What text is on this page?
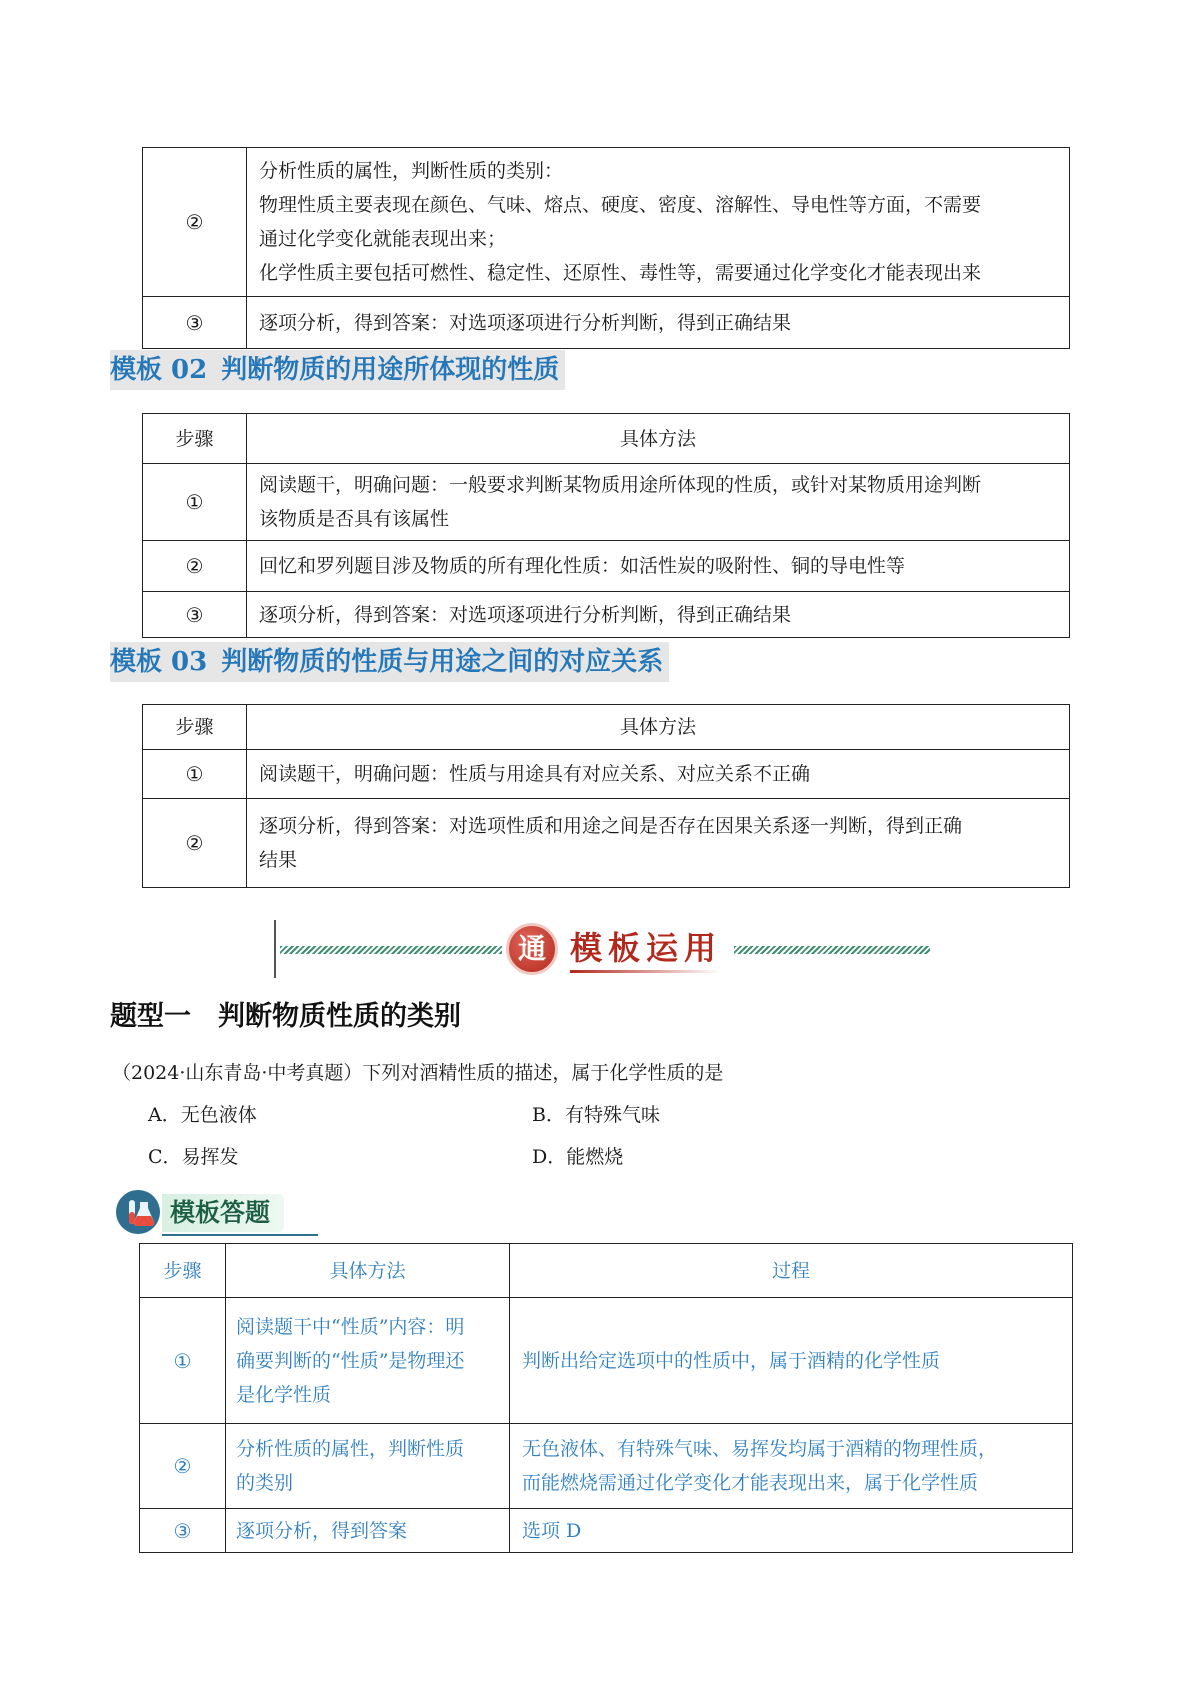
②	分析性质的属性，判断性质的类别：
物理性质主要表现在颜色、气味、熔点、硬度、密度、溶解性、导电性等方面，不需要
通过化学变化就能表现出来；
化学性质主要包括可燃性、稳定性、还原性、毒性等，需要通过化学变化才能表现出来

③	逐项分析，得到答案：对选项逐项进行分析判断，得到正确结果
模板 02 判断物质的用途所体现的性质
步骤	具体方法
①	阅读题干，明确问题：一般要求判断某物质用途所体现的性质，或针对某物质用途判断
该物质是否具有该属性

②	回忆和罗列题目涉及物质的所有理化性质：如活性炭的吸附性、铜的导电性等

③	逐项分析，得到答案：对选项逐项进行分析判断，得到正确结果
模板 03 判断物质的性质与用途之间的对应关系
步骤	具体方法
①	阅读题干，明确问题：性质与用途具有对应关系、对应关系不正确

②	逐项分析，得到答案：对选项性质和用途之间是否存在因果关系逐一判断，得到正确
结果
通 模板运用
题型一　判断物质性质的类别
（2024·山东青岛·中考真题）下列对酒精性质的描述，属于化学性质的是
A．无色液体	B．有特殊气味
C．易挥发	D．能燃烧
模板答题
步骤	具体方法	过程
①	阅读题干中“性质”内容：明
确要判断的“性质”是物理还
是化学性质	判断出给定选项中的性质中，属于酒精的化学性质

②	分析性质的属性，判断性质
的类别	无色液体、有特殊气味、易挥发均属于酒精的物理性质，
而能燃烧需通过化学变化才能表现出来，属于化学性质

③	逐项分析，得到答案	选项 D
